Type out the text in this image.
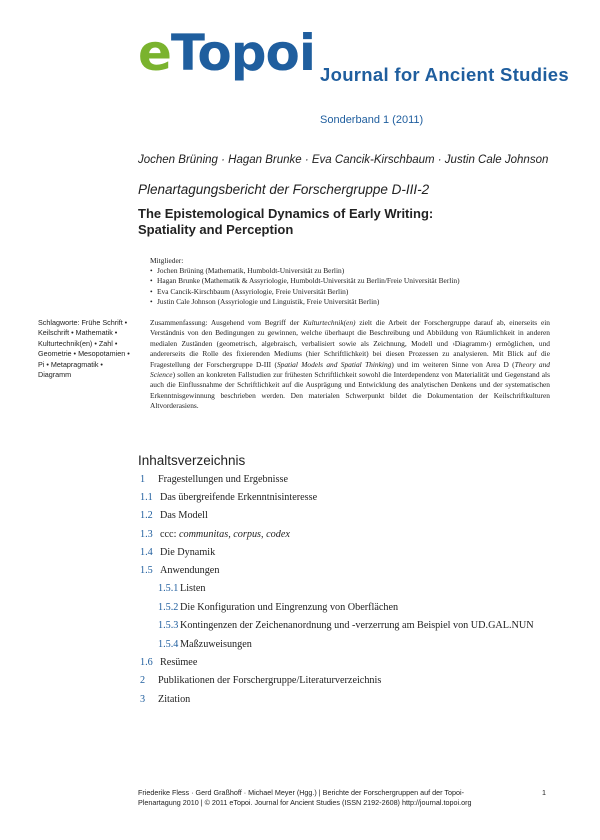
eTopoi Journal for Ancient Studies
Sonderband 1 (2011)
Jochen Brüning · Hagan Brunke · Eva Cancik-Kirschbaum · Justin Cale Johnson
Plenartagungsbericht der Forschergruppe D-III-2
The Epistemological Dynamics of Early Writing:
Spatiality and Perception
Mitglieder:
• Jochen Brüning (Mathematik, Humboldt-Universität zu Berlin)
• Hagan Brunke (Mathematik & Assyriologie, Humboldt-Universität zu Berlin/Freie Universität Berlin)
• Eva Cancik-Kirschbaum (Assyriologie, Freie Universität Berlin)
• Justin Cale Johnson (Assyriologie und Linguistik, Freie Universität Berlin)
Schlagworte: Frühe Schrift • Keilschrift • Mathematik • Kulturtechnik(en) • Zahl • Geometrie • Mesopotamien • Pi • Metapragmatik • Diagramm
Zusammenfassung: Ausgehend vom Begriff der Kulturtechnik(en) zielt die Arbeit der Forschergruppe darauf ab, einerseits ein Verständnis von den Bedingungen zu gewinnen, welche überhaupt die Beschreibung und Abbildung von Räumlichkeit in anderen medialen Zuständen (geometrisch, algebraisch, verbalisiert sowie als Zeichnung, Modell und ›Diagramm‹) ermöglichen, und andererseits die Rolle des fixierenden Mediums (hier Schriftlichkeit) bei diesen Prozessen zu analysieren. Mit Blick auf die Fragestellung der Forschergruppe D-III (Spatial Models and Spatial Thinking) und im weiteren Sinne von Area D (Theory and Science) sollen an konkreten Fallstudien zur frühesten Schriftlichkeit sowohl die Interdependenz von Materialität und Gegenstand als auch die Einflussnahme der Schriftlichkeit auf die Ausprägung und Entwicklung des analytischen Denkens und der systematischen Erkenntnisgewinnung beschrieben werden. Den materialen Schwerpunkt bildet die Dokumentation der Keilschriftkulturen Altvorderasiens.
Inhaltsverzeichnis
1 Fragestellungen und Ergebnisse
1.1 Das übergreifende Erkenntnisinteresse
1.2 Das Modell
1.3 ccc: communitas, corpus, codex
1.4 Die Dynamik
1.5 Anwendungen
1.5.1 Listen
1.5.2 Die Konfiguration und Eingrenzung von Oberflächen
1.5.3 Kontingenzen der Zeichenanordnung und -verzerrung am Beispiel von UD.GAL.NUN
1.5.4 Maßzuweisungen
1.6 Resümee
2 Publikationen der Forschergruppe/Literaturverzeichnis
3 Zitation
Friederike Fless · Gerd Graßhoff · Michael Meyer (Hgg.) | Berichte der Forschergruppen auf der Topoi-
Plenartagung 2010 | © 2011 eTopoi. Journal for Ancient Studies (ISSN 2192-2608) http://journal.topoi.org
1
